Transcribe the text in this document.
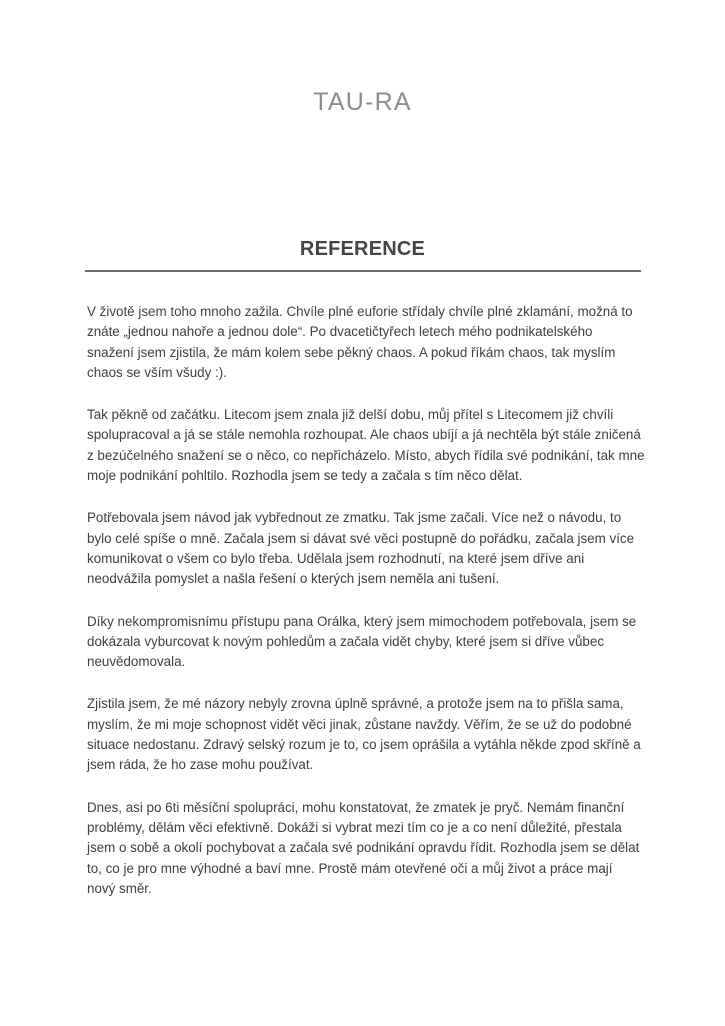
TAU-RA
REFERENCE
V životě jsem toho mnoho zažila. Chvíle plné euforie střídaly chvíle plné zklamání, možná to
znáte „jednou nahoře a jednou dole“. Po dvacetičtyřech letech mého podnikatelského
snažení jsem zjistila, že mám kolem sebe pěkný chaos. A pokud říkám chaos, tak myslím
chaos se vším všudy :).
Tak pěkně od začátku. Litecom jsem znala již delší dobu, můj přítel s Litecomem již chvíli
spolupracoval a já se stále nemohla rozhoupat. Ale chaos ubíjí a já nechtěla být stále zničená
z bezúčelného snažení se o něco, co nepřicházelo. Místo, abych řídila své podnikání, tak mne
moje podnikání pohltilo. Rozhodla jsem se tedy a začala s tím něco dělat.
Potřebovala jsem návod jak vybřednout ze zmatku. Tak jsme začali. Více než o návodu, to
bylo celé spíše o mně. Začala jsem si dávat své věci postupně do pořádku, začala jsem více
komunikovat o všem co bylo třeba. Udělala jsem rozhodnutí, na které jsem dříve ani
neodvážila pomyslet a našla řešení o kterých jsem neměla ani tušení.
Díky nekompromisnímu přístupu pana Orálka, který jsem mimochodem potřebovala, jsem se
dokázala vyburcovat k novým pohledům a začala vidět chyby, které jsem si dříve vůbec
neuvědomovala.
Zjistila jsem, že mé názory nebyly zrovna úplně správné, a protože jsem na to přišla sama,
myslím, že mi moje schopnost vidět věci jinak, zůstane navždy. Věřím, že se už do podobné
situace nedostanu. Zdravý selský rozum je to, co jsem oprášila a vytáhla někde zpod skříně a
jsem ráda, že ho zase mohu používat.
Dnes, asi po 6ti měsíční spolupráci, mohu konstatovat, že zmatek je pryč. Nemám finanční
problémy, dělám věci efektivně. Dokáži si vybrat mezi tím co je a co není důležité, přestala
jsem o sobě a okolí pochybovat a začala své podnikání opravdu řídit. Rozhodla jsem se dělat
to, co je pro mne výhodné a baví mne. Prostě mám otevřené oči a můj život a práce mají
nový směr.
